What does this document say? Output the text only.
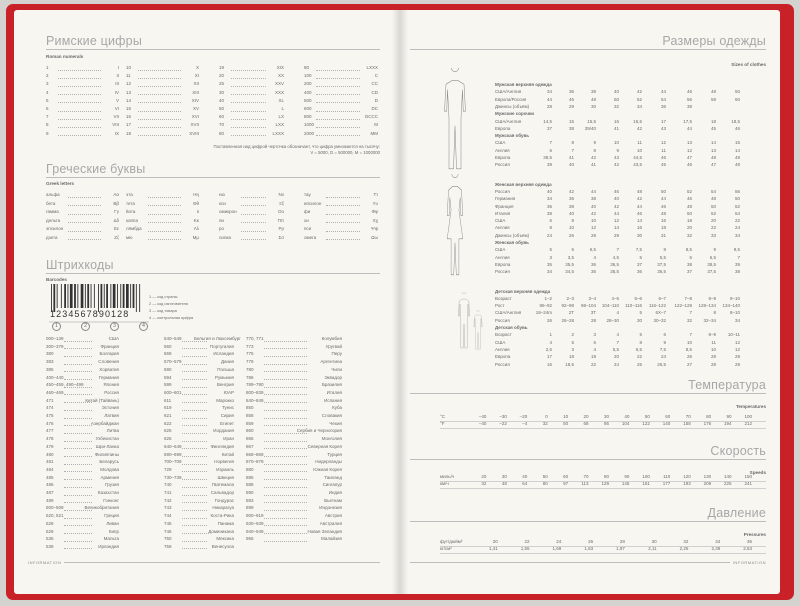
Римские цифры
Roman numerals
1	I 10	X	19	XIX	80	LXXX
2	II 11	XI	20	XX	100	C
3	III 12	XII	25	XXV	200	CC
4	IV 13	XIII	30	XXX	400	CD
5	V 14	XIV	40	XL	500	D
6	VI 15	XV	50	L	600	DC
7	VII 16	XVI	60	LX	800	DCCC
8	VIII 17	XVII	70	LXX	1000	M
9	IX 18	XVIII	80	LXXX	2000	MM
Поставленная над цифрой черточка обозначает, что цифра умножается на тысячу:
V = 5000, D = 500000, M = 1000000
Греческие буквы
Greek letters
альфа	Αα эта	Ηη	ню	Νν	тау	Ττ
бета	Ββ тета	Θθ	кси	Ξξ	ипсилон	Υυ
гамма	Γγ йота	Ιι	омикрон	Οο	фи	Φφ
дельта	Δδ каппа	Κκ	пи	Ππ	хи	Χχ
эпсилон	Εε лямбда	Λλ	ро	Ρρ	пси	Ψψ
дзета	Ζζ мю	Μμ	сигма	Σσ	омега	Ωω
Штрихкоды
Barcodes
1234567890128
1	2	3	4
1 — код страны
2 — код изготовителя
3 — код товара
4 — контрольная цифра
000–139	США	540–549	Бельгия и Люксембург 770, 771	Колумбия
300–379	Франция	560	Португалия	773	Уругвай
380	Болгария	569	Исландия	775	Перу
383	Словения	570–579	Дания	779	Аргентина
385	Хорватия	590	Польша	780	Чили
400–440	Германия	594	Румыния	786	Эквадор
450–459, 490–499	Япония	599	Венгрия	789–790	Бразилия
460–469	Россия	600–601	ЮАР	800–839	Италия
471	Китай (Тайвань)	611	Марокко	840–849	Испания
474	Эстония	619	Тунис	850	Куба
475	Латвия	621	Сирия	858	Словакия
476	Азербайджан	622	Египет	859	Чехия
477	Литва	625	Иордания	860	Сербия и Черногория
478	Узбекистан	626	Иран	865	Монголия
479	Шри-Ланка	640–649	Финляндия	867	Северная Корея
480	Филиппины	690–699	Китай	868–869	Турция
481	Беларусь	700–709	Норвегия	870–879	Нидерланды
484	Молдова	729	Израиль	880	Южная Корея
485	Армения	730–739	Швеция	885	Таиланд
486	Грузия	740	Гватемала	888	Сингапур
487	Казахстан	741	Сальвадор	890	Индия
489	Гонконг	742	Гондурас	893	Вьетнам
500–509	Великобритания	743	Никарагуа	899	Индонезия
520, 521	Греция	744	Коста-Рика	900–919	Австрия
528	Ливан	745	Панама	930–939	Австралия
529	Кипр	746	Доминикана	940–949	Новая Зеландия
535	Мальта	750	Мексика	955	Малайзия
539	Ирландия	759	Венесуэла
INFORMATION
Размеры одежды
Sizes of clothes
Мужская верхняя одежда
США/Англия	34	36	38	40	42	44	46	48	50
Европа/Россия	44	46	48	50	52	54	56	58	60
Джинсы (объём)	28	29	30	32	34	36	38
Мужские сорочки
США/Англия	14,5	15	15,5	16	16,5	17	17,5	18	18,5
Европа	37	38	39/40	41	42	43	44	45	46
Мужская обувь
США	7	8	9	10	11	12	13	14	15
Англия	6	7	8	9	10	11	12	13	14
Европа	39,5	41	42	43	44,5	46	47	48	49
Россия	39	40	41	42	43,5	45	46	47	48
Женская верхняя одежда
Россия	40	42	44	46	48	50	52	54	56
Германия	34	36	38	40	42	44	46	48	50
Франция	36	38	40	42	44	46	48	50	52
Италия	38	40	42	44	46	48	50	52	54
США	6	8	10	12	14	16	18	20	22
Англия	8	10	12	14	16	18	20	22	24
Джинсы (объём)	24	26	28	29	30	31	32	33	34
Женская обувь
США	5	6	6,5	7	7,5	8	8,5	9	9,5
Англия	3	3,5	4	4,5	5	5,5	6	6,5	7
Европа	35	35,5	36	36,5	37	37,5	38	38,5	39
Россия	34	34,5	35	35,5	36	36,5	37	37,5	38
Детская верхняя одежда
Возраст	1–2	2–3	3–4	4–5	5–6	6–7	7–8	8–9	9–10
Рост	86–92	92–98	98–104	104–110	110–116	116–122	122–128	128–134	134–140
США/Англия	18–24m	2T	3T	4	5	6X–7	7	8	8–10
Россия	26	26–28	28	28–30	30	30–32	32	32–34	34
Детская обувь
Возраст	1	2	3	4	5	6	7	8–9	10–11
США	4	5	6	7	8	9	10	11	12
Англия	2,5	3	4	5,5	6,5	7,5	8,5	10	12
Европа	17	18	19	20	22	24	26	28	29
Россия	16	18,5	22	24	25	26,5	27	28	29
Температура
Temperatures
°C	–40	–30	–20	0	10	20	30	40	50	60	70	80	90	100
°F	–40	–22	–4	32	50	68	86	104	122	140	158	176	194	212
Скорость
Speeds
миль/ч	20	30	40	50	60	70	80	90	100	110	120	130	140	150
км/ч	32	48	64	80	97	113	129	145	161	177	193	209	225	241
Давление
Pressures
фут/дюйм²	20	22	24	26	28	30	32	34	36
кг/см²	1,41	1,55	1,69	1,83	1,97	2,11	2,25	2,39	2,53
INFORMATION
